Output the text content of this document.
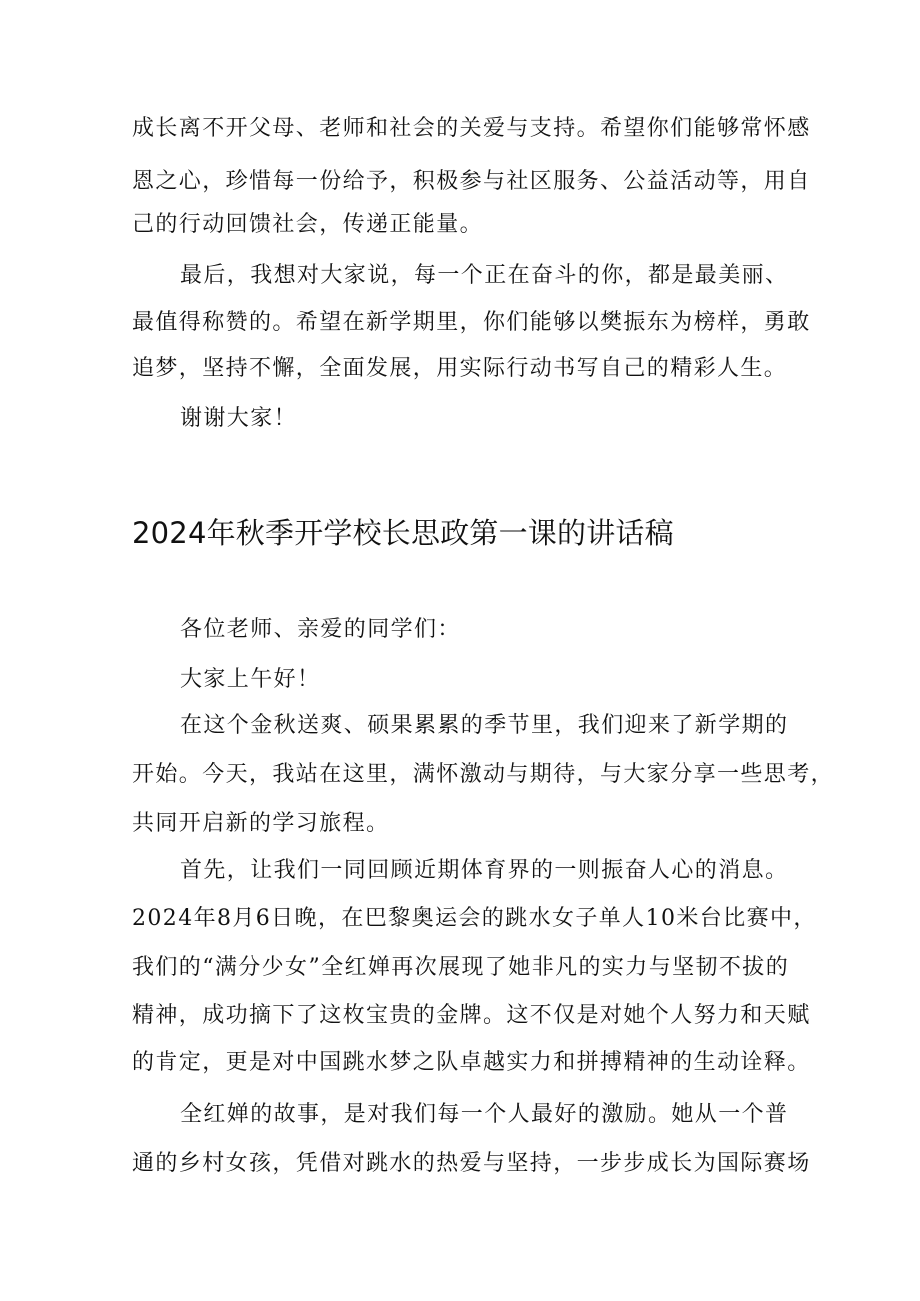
成长离不开父母、老师和社会的关爱与支持。希望你们能够常怀感
恩之心，珍惜每一份给予，积极参与社区服务、公益活动等，用自
己的行动回馈社会，传递正能量。
最后，我想对大家说，每一个正在奋斗的你，都是最美丽、
最值得称赞的。希望在新学期里，你们能够以樊振东为榜样，勇敢
追梦，坚持不懈，全面发展，用实际行动书写自己的精彩人生。
谢谢大家！
2024年秋季开学校长思政第一课的讲话稿
各位老师、亲爱的同学们：
大家上午好！
在这个金秋送爽、硕果累累的季节里，我们迎来了新学期的
开始。今天，我站在这里，满怀激动与期待，与大家分享一些思考，
共同开启新的学习旅程。
首先，让我们一同回顾近期体育界的一则振奋人心的消息。
2024年8月6日晚，在巴黎奥运会的跳水女子单人10米台比赛中，
我们的“满分少女”全红婵再次展现了她非凡的实力与坚韧不拔的
精神，成功摘下了这枚宝贵的金牌。这不仅是对她个人努力和天赋
的肯定，更是对中国跳水梦之队卓越实力和拼搏精神的生动诠释。
全红婵的故事，是对我们每一个人最好的激励。她从一个普
通的乡村女孩，凭借对跳水的热爱与坚持，一步步成长为国际赛场
